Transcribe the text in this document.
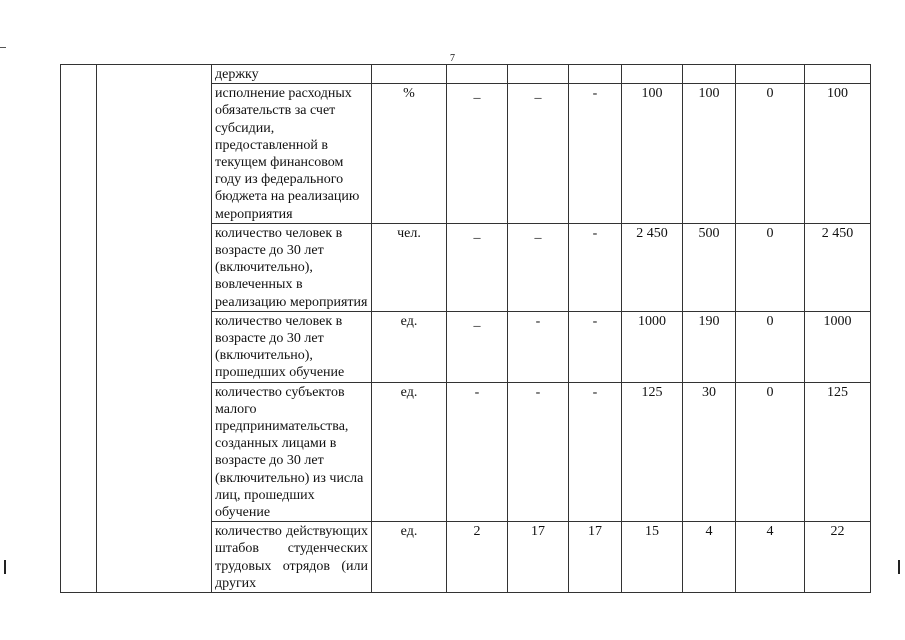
7
		держку								
		исполнение расходных обязательств за счет субсидии, предоставленной в текущем финансовом году из федерального бюджета на реализацию мероприятия	%	_	_	-	100	100	0	100
		количество человек в возрасте до 30 лет (включительно), вовлеченных в реализацию мероприятия	чел.	_	_	-	2 450	500	0	2 450
		количество человек в возрасте до 30 лет (включительно), прошедших обучение	ед.	_	-	-	1000	190	0	1000
		количество субъектов малого предпринимательства, созданных лицами в возрасте до 30 лет (включительно) из числа лиц, прошедших обучение	ед.	-	-	-	125	30	0	125
		количество действующих штабов студенческих трудовых отрядов (или других	ед.	2	17	17	15	4	4	22
